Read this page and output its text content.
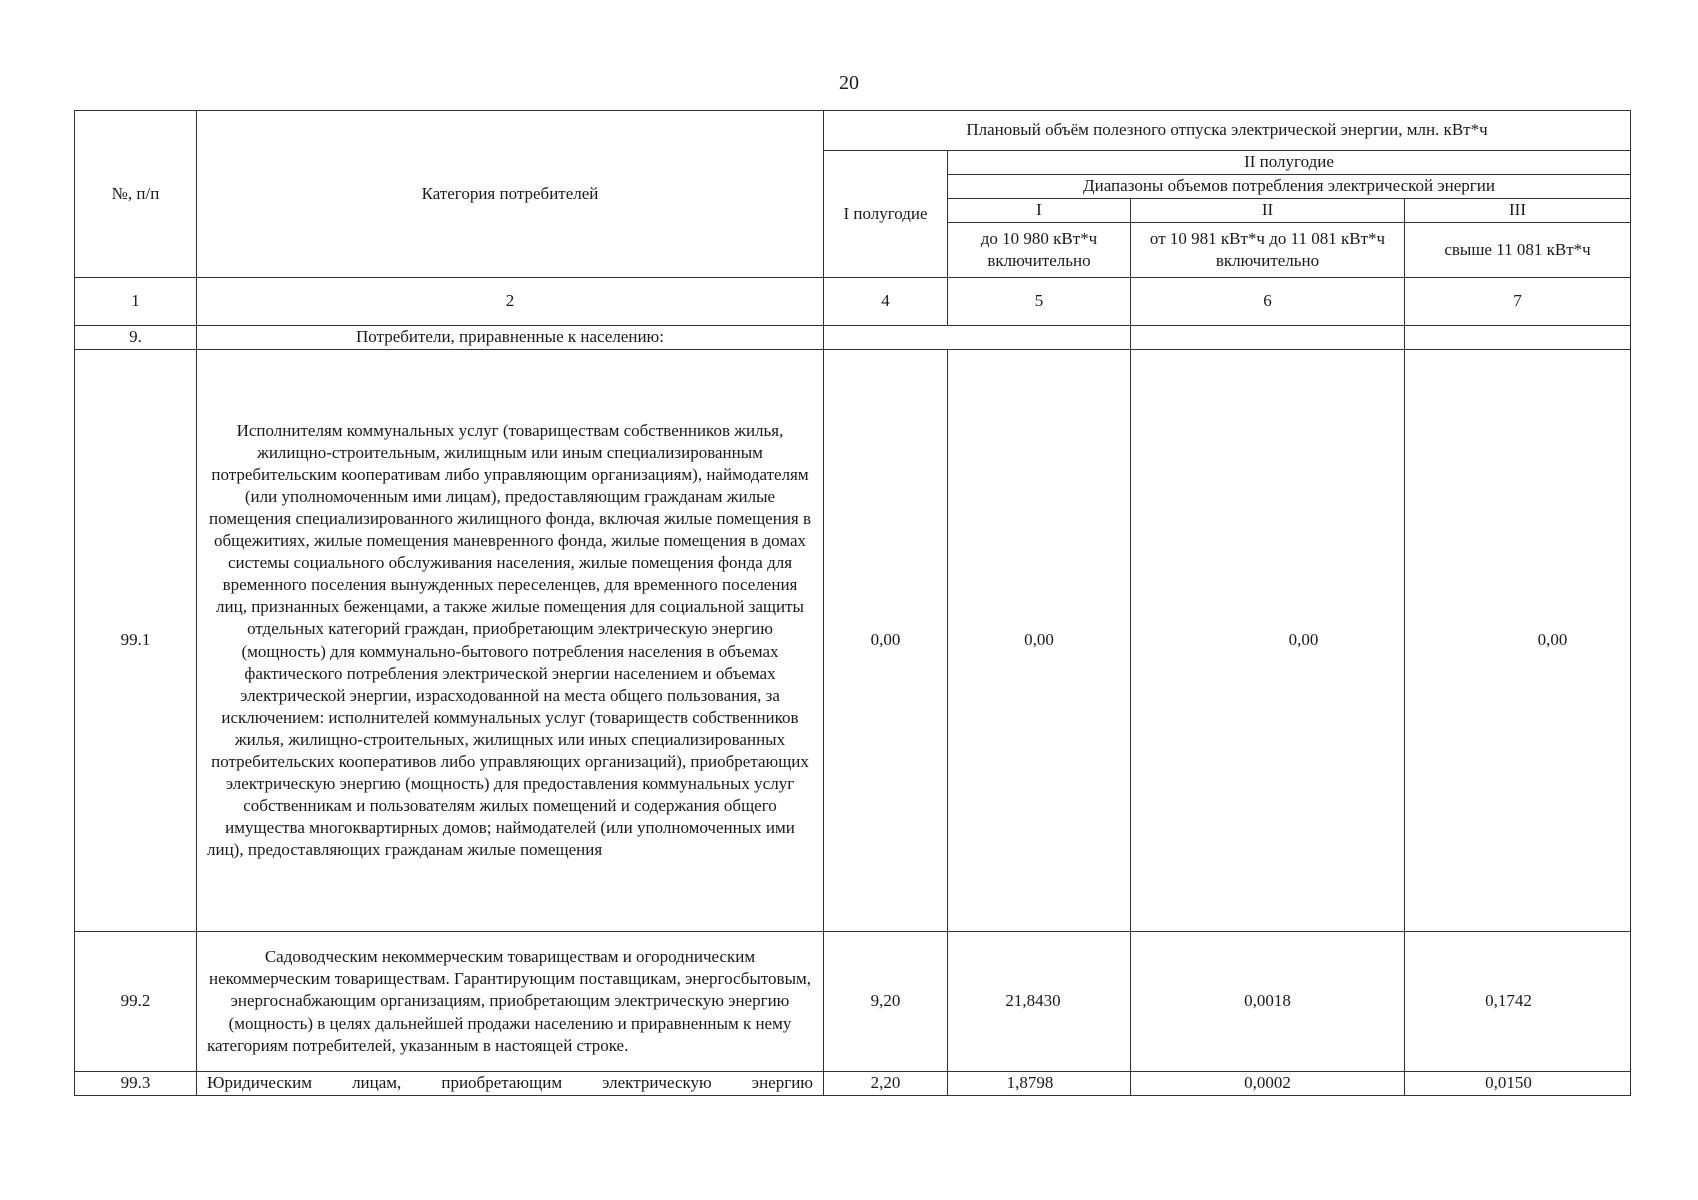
20
№, п/п	Категория потребителей	Плановый объём полезного отпуска электрической энергии, млн. кВт*ч			
		I полугодие	II полугодие		
			Диапазоны объемов потребления электрической энергии		
			I	II	III
			до 10 980 кВт*ч включительно	от 10 981 кВт*ч до 11 081 кВт*ч включительно	свыше 11 081 кВт*ч
1	2	4	5	6	7
9.	Потребители, приравненные к населению:				
99.1	Исполнителям коммунальных услуг (товариществам собственников жилья, жилищно-строительным, жилищным или иным специализированным потребительским кооперативам либо управляющим организациям), наймодателям (или уполномоченным ими лицам), предоставляющим гражданам жилые помещения специализированного жилищного фонда, включая жилые помещения в общежитиях, жилые помещения маневренного фонда, жилые помещения в домах системы социального обслуживания населения, жилые помещения фонда для временного поселения вынужденных переселенцев, для временного поселения лиц, признанных беженцами, а также жилые помещения для социальной защиты отдельных категорий граждан, приобретающим электрическую энергию (мощность) для коммунально-бытового потребления населения в объемах фактического потребления электрической энергии населением и объемах электрической энергии, израсходованной на места общего пользования, за исключением: исполнителей коммунальных услуг (товариществ собственников жилья, жилищно-строительных, жилищных или иных специализированных потребительских кооперативов либо управляющих организаций), приобретающих электрическую энергию (мощность) для предоставления коммунальных услуг собственникам и пользователям жилых помещений и содержания общего имущества многоквартирных домов; наймодателей (или уполномоченных ими лиц), предоставляющих гражданам жилые помещения	0,00	0,00	0,00	0,00
99.2	Садоводческим некоммерческим товариществам и огородническим некоммерческим товариществам. Гарантирующим поставщикам, энергосбытовым, энергоснабжающим организациям, приобретающим электрическую энергию (мощность) в целях дальнейшей продажи населению и приравненным к нему категориям потребителей, указанным в настоящей строке.	9,20	21,8430	0,0018	0,1742
99.3	Юридическим лицам, приобретающим электрическую энергию	2,20	1,8798	0,0002	0,0150
